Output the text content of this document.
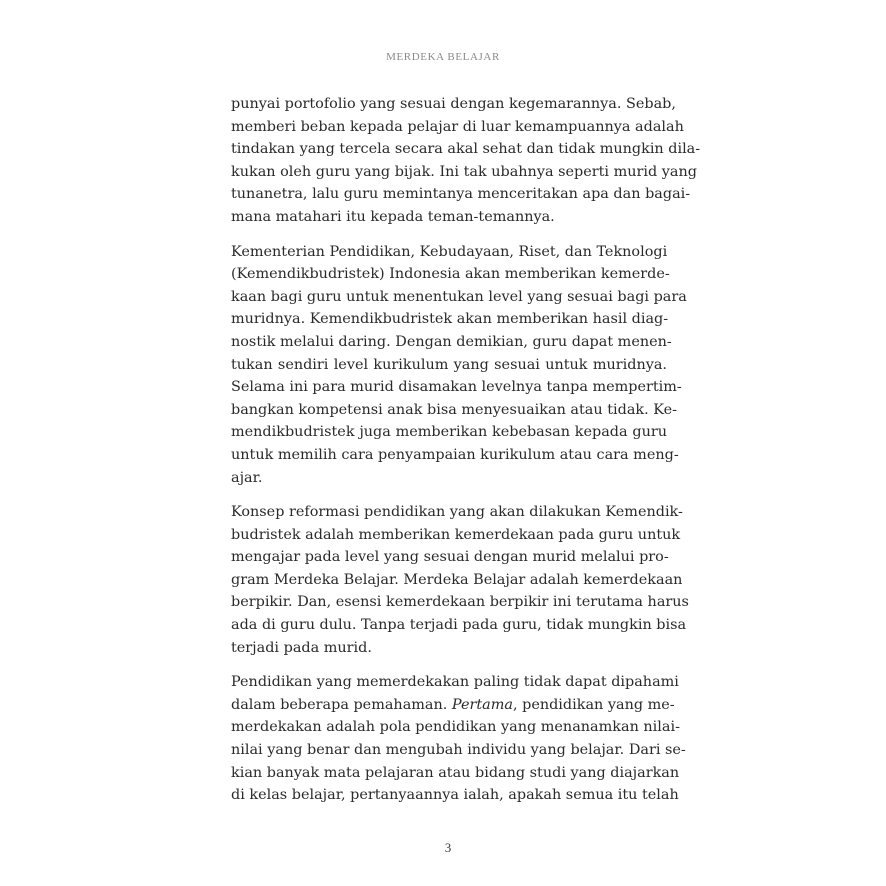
MERDEKA BELAJAR

punyai portofolio yang sesuai dengan kegemarannya. Sebab,
memberi beban kepada pelajar di luar kemampuannya adalah
tindakan yang tercela secara akal sehat dan tidak mungkin dila-
kukan oleh guru yang bijak. Ini tak ubahnya seperti murid yang
tunanetra, lalu guru memintanya menceritakan apa dan bagai-
mana matahari itu kepada teman-temannya.

Kementerian Pendidikan, Kebudayaan, Riset, dan Teknologi
(Kemendikbudristek) Indonesia akan memberikan kemerde-
kaan bagi guru untuk menentukan level yang sesuai bagi para
muridnya. Kemendikbudristek akan memberikan hasil diag-
nostik melalui daring. Dengan demikian, guru dapat menen-
tukan sendiri level kurikulum yang sesuai untuk muridnya.
Selama ini para murid disamakan levelnya tanpa mempertim-
bangkan kompetensi anak bisa menyesuaikan atau tidak. Ke-
mendikbudristek juga memberikan kebebasan kepada guru
untuk memilih cara penyampaian kurikulum atau cara meng-
ajar.

Konsep reformasi pendidikan yang akan dilakukan Kemendik-
budristek adalah memberikan kemerdekaan pada guru untuk
mengajar pada level yang sesuai dengan murid melalui pro-
gram Merdeka Belajar. Merdeka Belajar adalah kemerdekaan
berpikir. Dan, esensi kemerdekaan berpikir ini terutama harus
ada di guru dulu. Tanpa terjadi pada guru, tidak mungkin bisa
terjadi pada murid.

Pendidikan yang memerdekakan paling tidak dapat dipahami
dalam beberapa pemahaman. Pertama, pendidikan yang me-
merdekakan adalah pola pendidikan yang menanamkan nilai-
nilai yang benar dan mengubah individu yang belajar. Dari se-
kian banyak mata pelajaran atau bidang studi yang diajarkan
di kelas belajar, pertanyaannya ialah, apakah semua itu telah

3
